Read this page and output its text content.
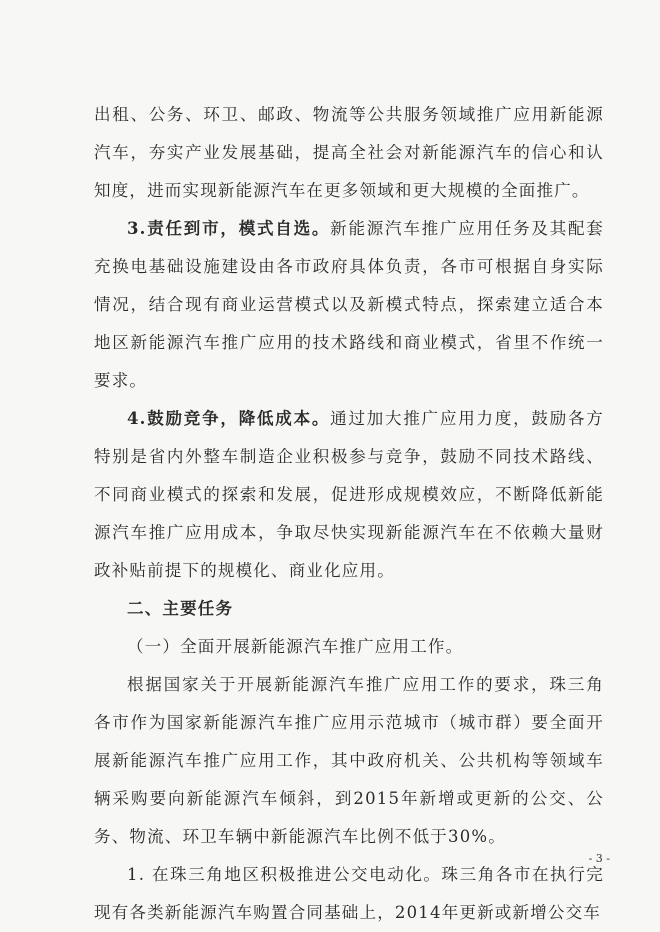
出租、公务、环卫、邮政、物流等公共服务领域推广应用新能源汽车，夯实产业发展基础，提高全社会对新能源汽车的信心和认知度，进而实现新能源汽车在更多领域和更大规模的全面推广。

3.责任到市，模式自选。新能源汽车推广应用任务及其配套充换电基础设施建设由各市政府具体负责，各市可根据自身实际情况，结合现有商业运营模式以及新模式特点，探索建立适合本地区新能源汽车推广应用的技术路线和商业模式，省里不作统一要求。

4.鼓励竞争，降低成本。通过加大推广应用力度，鼓励各方特别是省内外整车制造企业积极参与竞争，鼓励不同技术路线、不同商业模式的探索和发展，促进形成规模效应，不断降低新能源汽车推广应用成本，争取尽快实现新能源汽车在不依赖大量财政补贴前提下的规模化、商业化应用。

二、主要任务

（一）全面开展新能源汽车推广应用工作。

根据国家关于开展新能源汽车推广应用工作的要求，珠三角各市作为国家新能源汽车推广应用示范城市（城市群）要全面开展新能源汽车推广应用工作，其中政府机关、公共机构等领域车辆采购要向新能源汽车倾斜，到2015年新增或更新的公交、公务、物流、环卫车辆中新能源汽车比例不低于30%。

1. 在珠三角地区积极推进公交电动化。珠三角各市在执行完现有各类新能源汽车购置合同基础上，2014年更新或新增公交车

- 3 -
